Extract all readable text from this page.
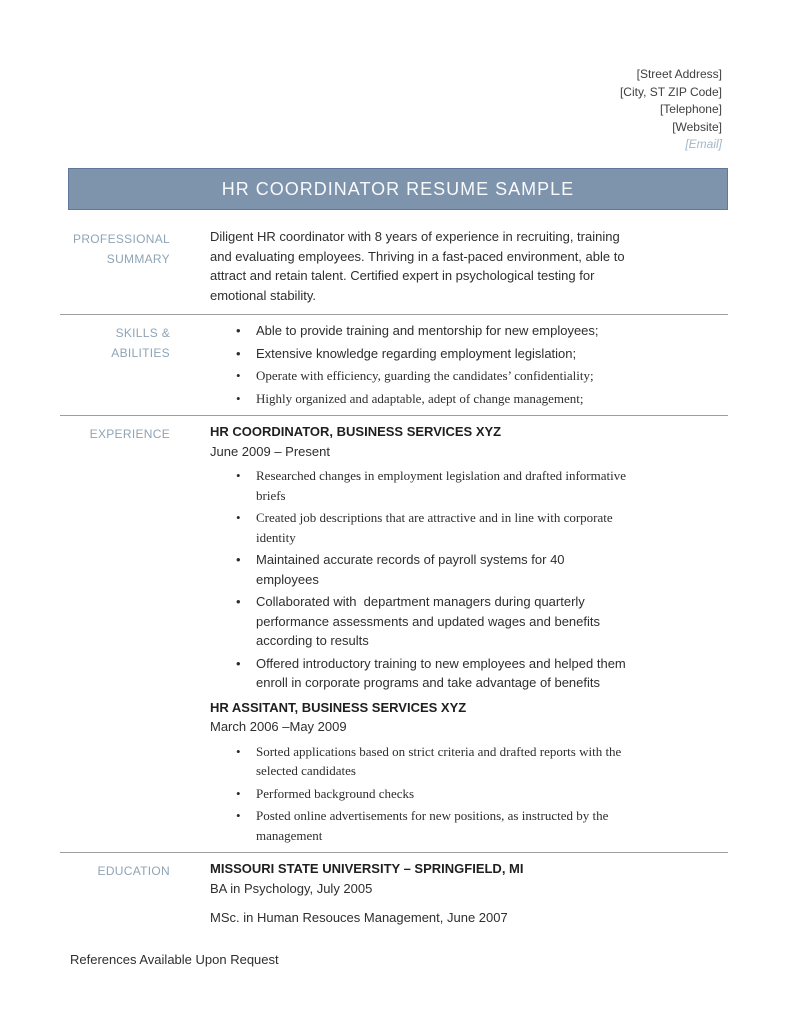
[Street Address]
[City, ST ZIP Code]
[Telephone]
[Website]
[Email]
HR COORDINATOR RESUME SAMPLE
PROFESSIONAL SUMMARY

Diligent HR coordinator with 8 years of experience in recruiting, training and evaluating employees. Thriving in a fast-paced environment, able to attract and retain talent. Certified expert in psychological testing for emotional stability.

SKILLS & ABILITIES
• Able to provide training and mentorship for new employees;
• Extensive knowledge regarding employment legislation;
• Operate with efficiency, guarding the candidates’ confidentiality;
• Highly organized and adaptable, adept of change management;
EXPERIENCE	HR COORDINATOR, BUSINESS SERVICES XYZ

June 2009 – Present

• Researched changes in employment legislation and drafted informative briefs
• Created job descriptions that are attractive and in line with corporate identity
• Maintained accurate records of payroll systems for 40 employees
• Collaborated with  department managers during quarterly performance assessments and updated wages and benefits according to results
• Offered introductory training to new employees and helped them enroll in corporate programs and take advantage of benefits

HR ASSITANT, BUSINESS SERVICES XYZ

March 2006 –May 2009

• Sorted applications based on strict criteria and drafted reports with the selected candidates
• Performed background checks
• Posted online advertisements for new positions, as instructed by the management
EDUCATION	MISSOURI STATE UNIVERSITY – SPRINGFIELD, MI

BA in Psychology, July 2005

MSc. in Human Resouces Management, June 2007

References Available Upon Request
